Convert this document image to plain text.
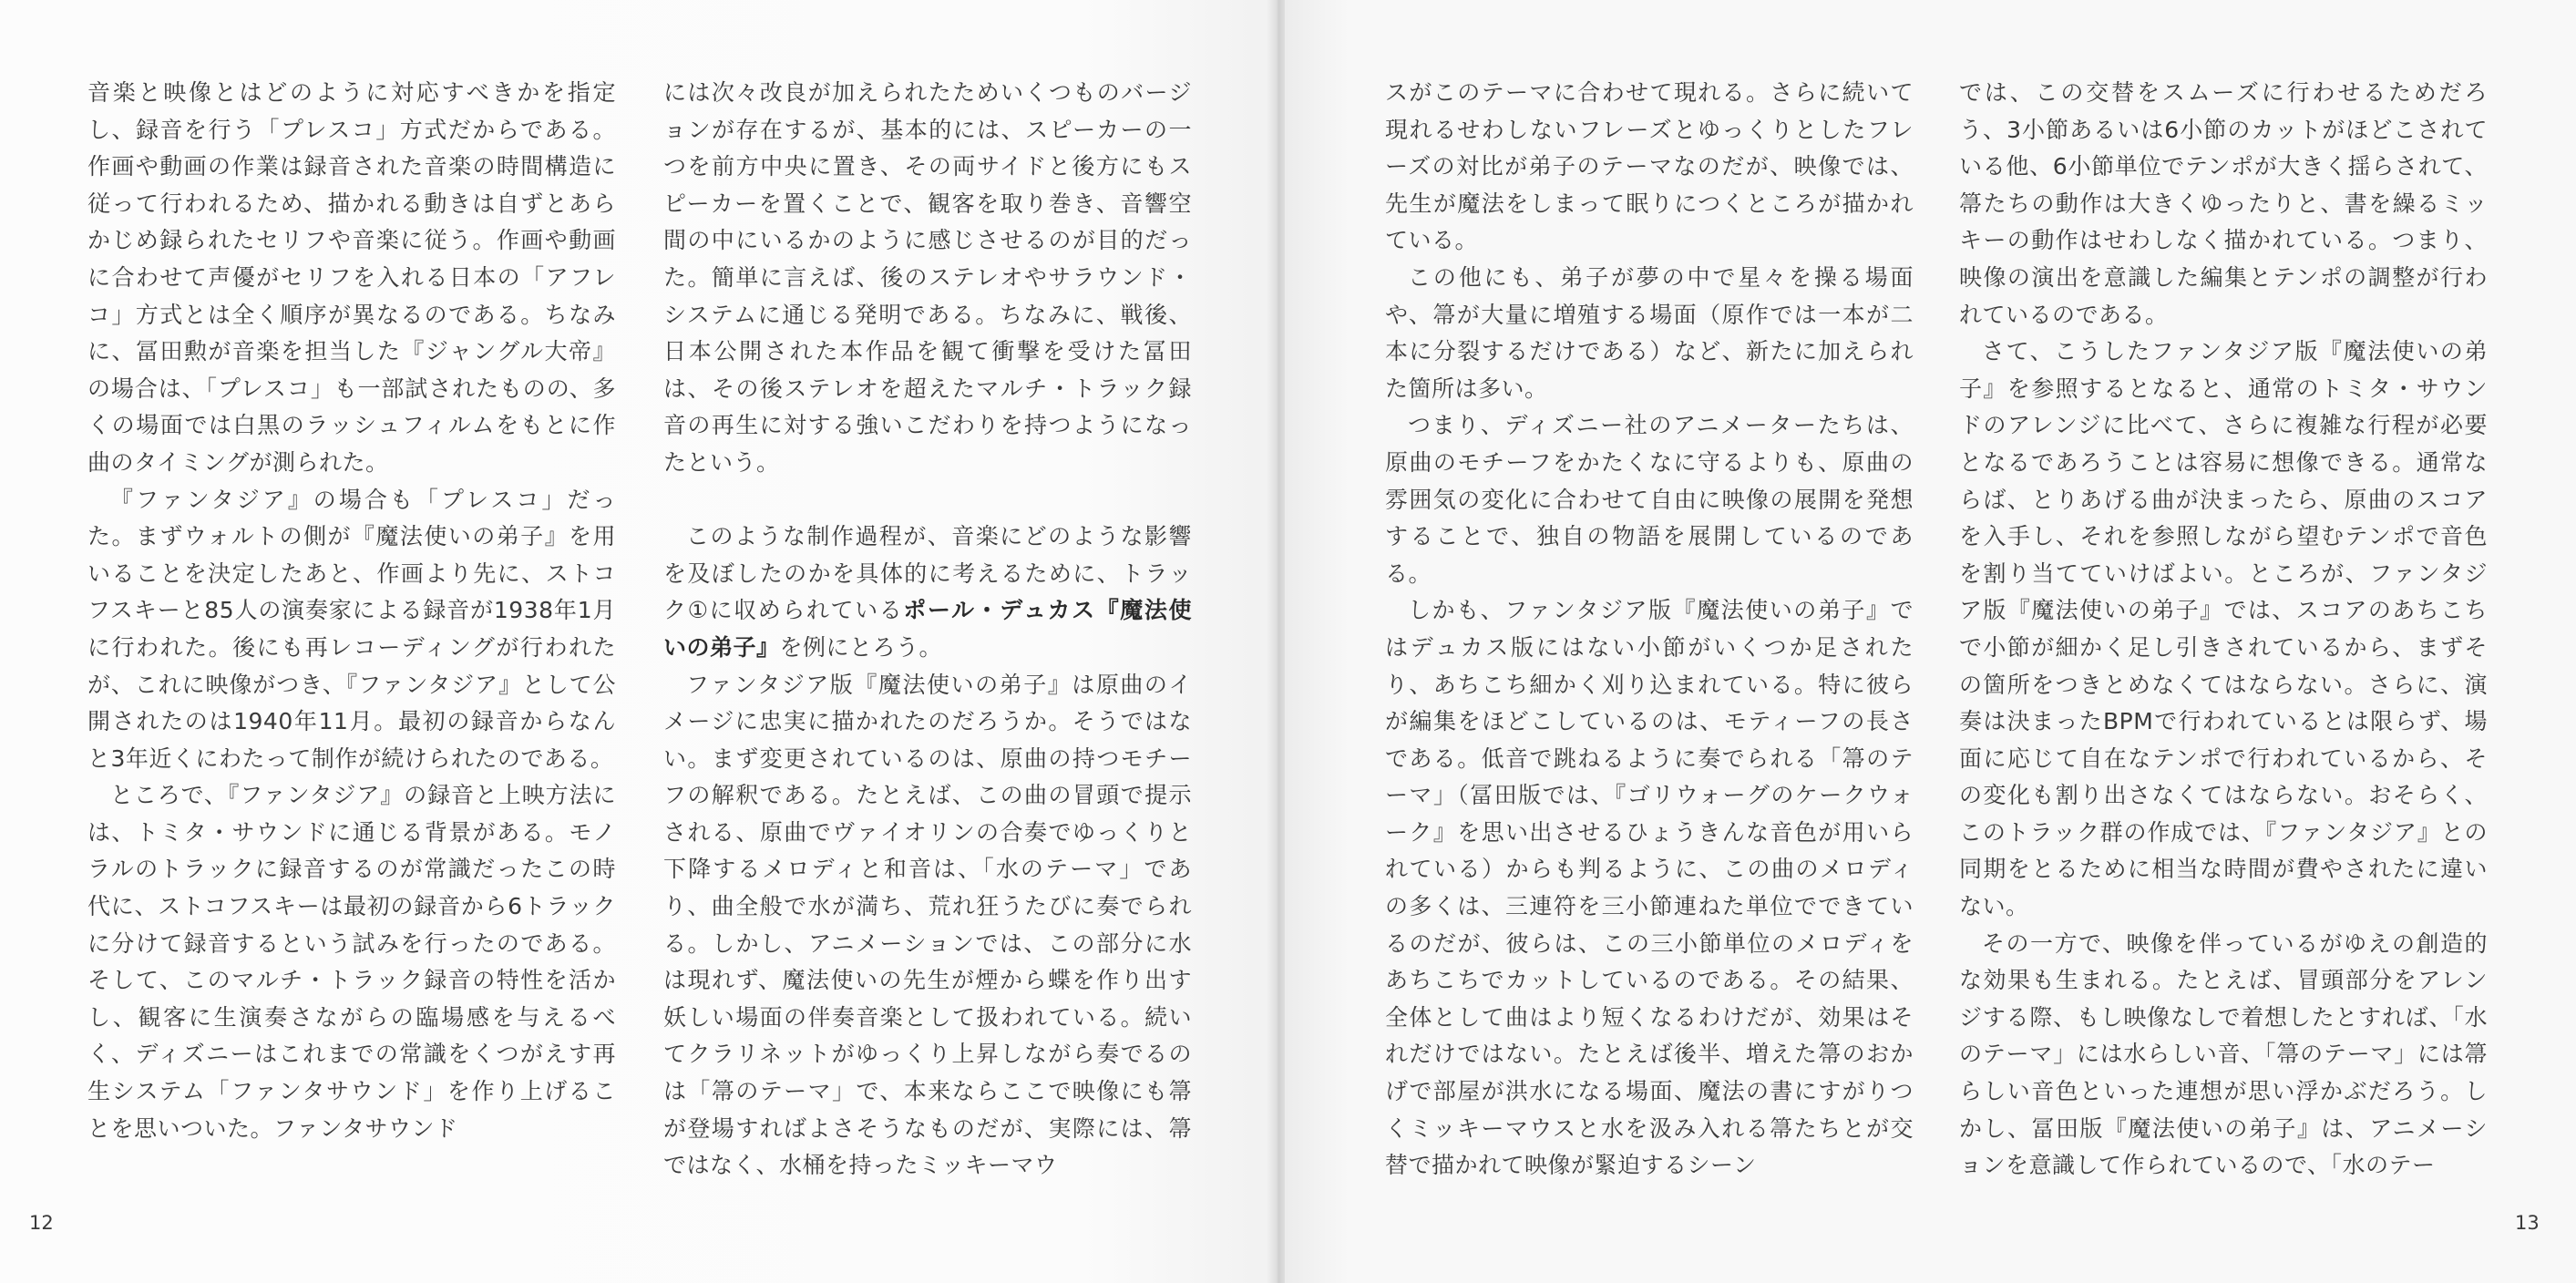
音楽と映像とはどのように対応すべきかを指定し、録音を行う「プレスコ」方式だからである。作画や動画の作業は録音された音楽の時間構造に従って行われるため、描かれる動きは自ずとあらかじめ録られたセリフや音楽に従う。作画や動画に合わせて声優がセリフを入れる日本の「アフレコ」方式とは全く順序が異なるのである。ちなみに、冨田勲が音楽を担当した『ジャングル大帝』の場合は、「プレスコ」も一部試されたものの、多くの場面では白黒のラッシュフィルムをもとに作曲のタイミングが測られた。

『ファンタジア』の場合も「プレスコ」だった。まずウォルトの側が『魔法使いの弟子』を用いることを決定したあと、作画より先に、ストコフスキーと85人の演奏家による録音が1938年1月に行われた。後にも再レコーディングが行われたが、これに映像がつき、『ファンタジア』として公開されたのは1940年11月。最初の録音からなんと3年近くにわたって制作が続けられたのである。

ところで、『ファンタジア』の録音と上映方法には、トミタ・サウンドに通じる背景がある。モノラルのトラックに録音するのが常識だったこの時代に、ストコフスキーは最初の録音から6トラックに分けて録音するという試みを行ったのである。そして、このマルチ・トラック録音の特性を活かし、観客に生演奏さながらの臨場感を与えるべく、ディズニーはこれまでの常識をくつがえす再生システム「ファンタサウンド」を作り上げることを思いついた。ファンタサウンド

には次々改良が加えられたためいくつものバージョンが存在するが、基本的には、スピーカーの一つを前方中央に置き、その両サイドと後方にもスピーカーを置くことで、観客を取り巻き、音響空間の中にいるかのように感じさせるのが目的だった。簡単に言えば、後のステレオやサラウンド・システムに通じる発明である。ちなみに、戦後、日本公開された本作品を観て衝撃を受けた冨田は、その後ステレオを超えたマルチ・トラック録音の再生に対する強いこだわりを持つようになったという。

このような制作過程が、音楽にどのような影響を及ぼしたのかを具体的に考えるために、トラック①に収められているポール・デュカス『魔法使いの弟子』を例にとろう。

ファンタジア版『魔法使いの弟子』は原曲のイメージに忠実に描かれたのだろうか。そうではない。まず変更されているのは、原曲の持つモチーフの解釈である。たとえば、この曲の冒頭で提示される、原曲でヴァイオリンの合奏でゆっくりと下降するメロディと和音は、「水のテーマ」であり、曲全般で水が満ち、荒れ狂うたびに奏でられる。しかし、アニメーションでは、この部分に水は現れず、魔法使いの先生が煙から蝶を作り出す妖しい場面の伴奏音楽として扱われている。続いてクラリネットがゆっくり上昇しながら奏でるのは「箒のテーマ」で、本来ならここで映像にも箒が登場すればよさそうなものだが、実際には、箒ではなく、水桶を持ったミッキーマウ

12

スがこのテーマに合わせて現れる。さらに続いて現れるせわしないフレーズとゆっくりとしたフレーズの対比が弟子のテーマなのだが、映像では、先生が魔法をしまって眠りにつくところが描かれている。

この他にも、弟子が夢の中で星々を操る場面や、箒が大量に増殖する場面（原作では一本が二本に分裂するだけである）など、新たに加えられた箇所は多い。

つまり、ディズニー社のアニメーターたちは、原曲のモチーフをかたくなに守るよりも、原曲の雰囲気の変化に合わせて自由に映像の展開を発想することで、独自の物語を展開しているのである。

しかも、ファンタジア版『魔法使いの弟子』ではデュカス版にはない小節がいくつか足されたり、あちこち細かく刈り込まれている。特に彼らが編集をほどこしているのは、モティーフの長さである。低音で跳ねるように奏でられる「箒のテーマ」（冨田版では、『ゴリウォーグのケークウォーク』を思い出させるひょうきんな音色が用いられている）からも判るように、この曲のメロディの多くは、三連符を三小節連ねた単位でできているのだが、彼らは、この三小節単位のメロディをあちこちでカットしているのである。その結果、全体として曲はより短くなるわけだが、効果はそれだけではない。たとえば後半、増えた箒のおかげで部屋が洪水になる場面、魔法の書にすがりつくミッキーマウスと水を汲み入れる箒たちとが交替で描かれて映像が緊迫するシーン

では、この交替をスムーズに行わせるためだろう、3小節あるいは6小節のカットがほどこされている他、6小節単位でテンポが大きく揺らされて、箒たちの動作は大きくゆったりと、書を繰るミッキーの動作はせわしなく描かれている。つまり、映像の演出を意識した編集とテンポの調整が行われているのである。

さて、こうしたファンタジア版『魔法使いの弟子』を参照するとなると、通常のトミタ・サウンドのアレンジに比べて、さらに複雑な行程が必要となるであろうことは容易に想像できる。通常ならば、とりあげる曲が決まったら、原曲のスコアを入手し、それを参照しながら望むテンポで音色を割り当てていけばよい。ところが、ファンタジア版『魔法使いの弟子』では、スコアのあちこちで小節が細かく足し引きされているから、まずその箇所をつきとめなくてはならない。さらに、演奏は決まったBPMで行われているとは限らず、場面に応じて自在なテンポで行われているから、その変化も割り出さなくてはならない。おそらく、このトラック群の作成では、『ファンタジア』との同期をとるために相当な時間が費やされたに違いない。

その一方で、映像を伴っているがゆえの創造的な効果も生まれる。たとえば、冒頭部分をアレンジする際、もし映像なしで着想したとすれば、「水のテーマ」には水らしい音、「箒のテーマ」には箒らしい音色といった連想が思い浮かぶだろう。しかし、冨田版『魔法使いの弟子』は、アニメーションを意識して作られているので、「水のテー

13
